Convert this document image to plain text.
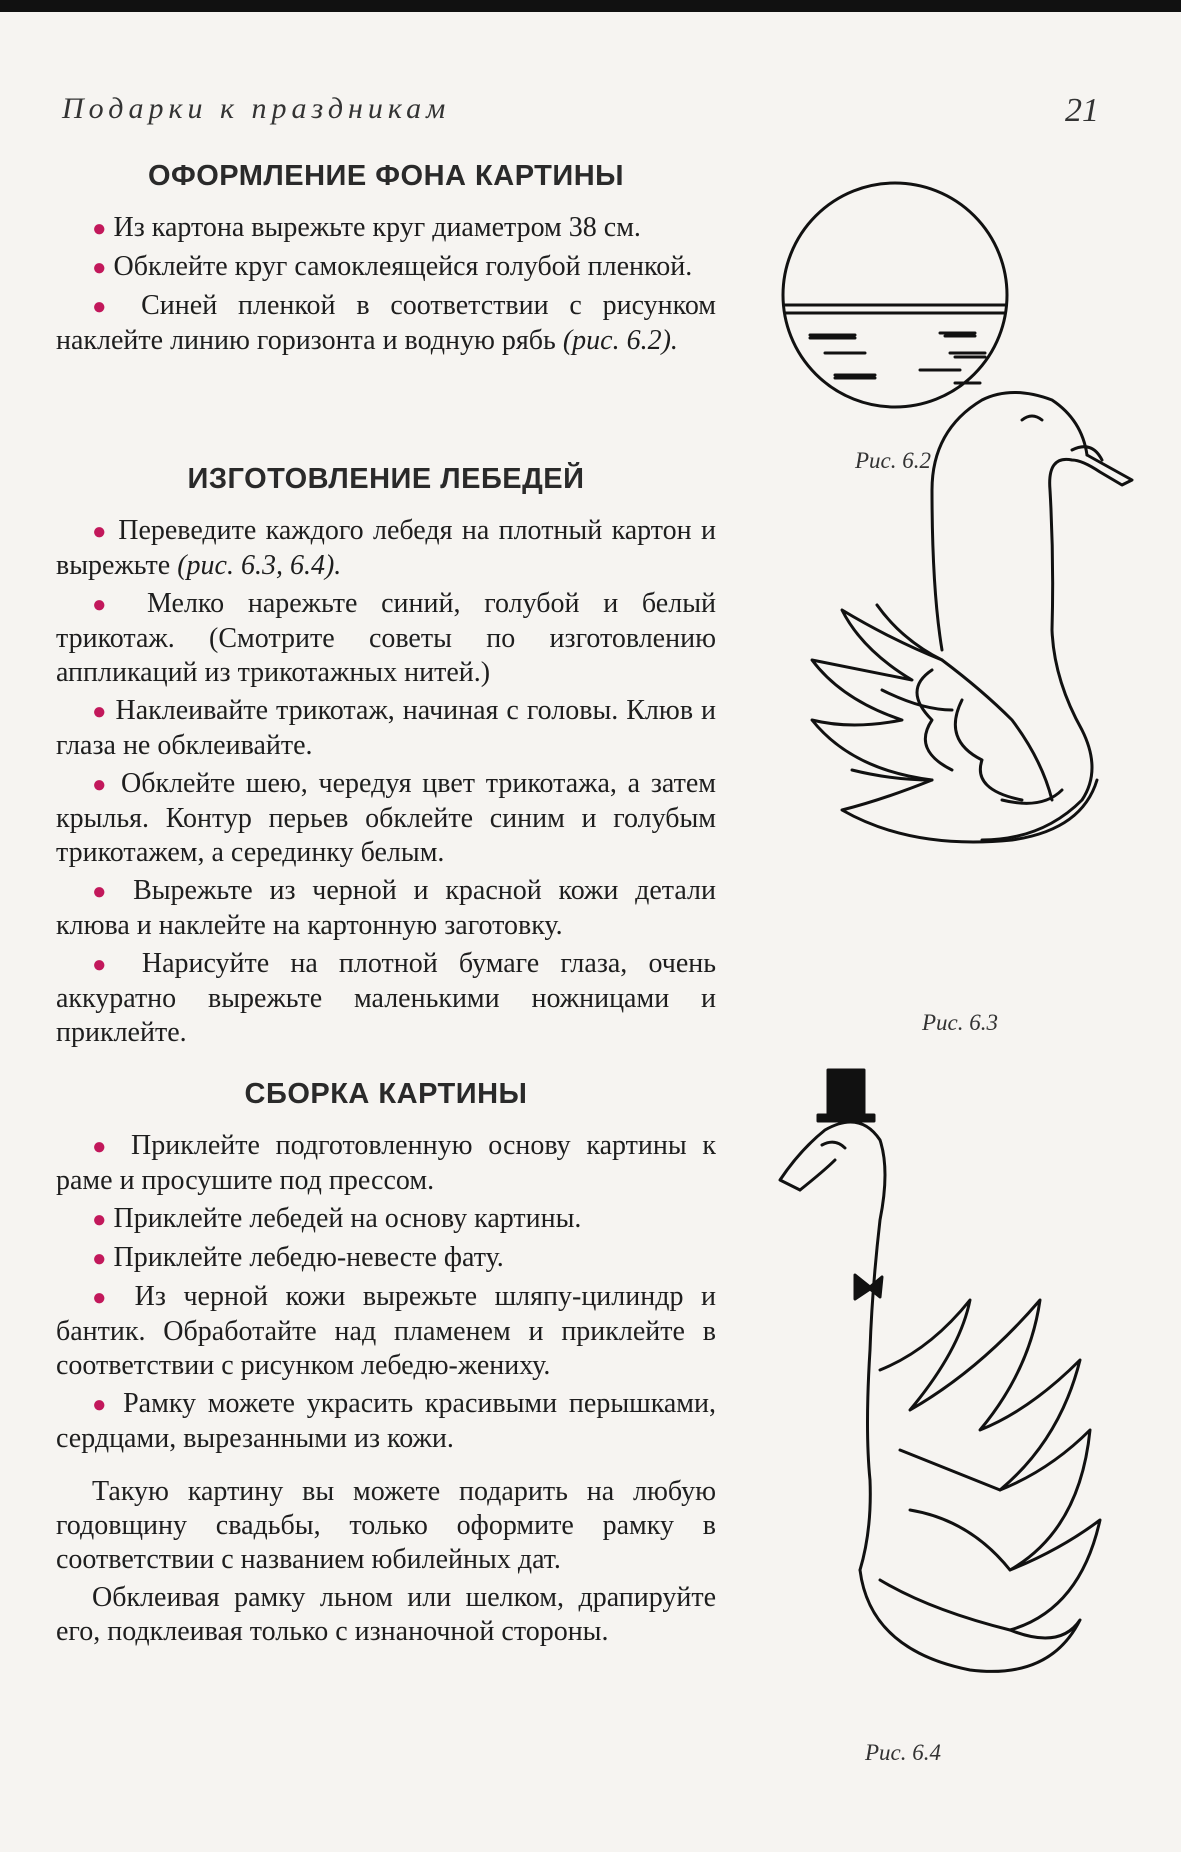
Подарки к праздникам	21
ОФОРМЛЕНИЕ ФОНА КАРТИНЫ

● Из картона вырежьте круг диаметром 38 см.

● Обклейте круг самоклеящейся голубой пленкой.

● Синей пленкой в соответствии с рисунком наклейте линию горизонта и водную рябь (рис. 6.2).

ИЗГОТОВЛЕНИЕ ЛЕБЕДЕЙ

● Переведите каждого лебедя на плотный картон и вырежьте (рис. 6.3, 6.4).

● Мелко нарежьте синий, голубой и белый трикотаж. (Смотрите советы по изготовлению аппликаций из трикотажных нитей.)

● Наклеивайте трикотаж, начиная с головы. Клюв и глаза не обклеивайте.

● Обклейте шею, чередуя цвет трикотажа, а затем крылья. Контур перьев обклейте синим и голубым трикотажем, а серединку белым.

● Вырежьте из черной и красной кожи детали клюва и наклейте на картонную заготовку.

● Нарисуйте на плотной бумаге глаза, очень аккуратно вырежьте маленькими ножницами и приклейте.

СБОРКА КАРТИНЫ

● Приклейте подготовленную основу картины к раме и просушите под прессом.

● Приклейте лебедей на основу картины.

● Приклейте лебедю-невесте фату.

● Из черной кожи вырежьте шляпу-цилиндр и бантик. Обработайте над пламенем и приклейте в соответствии с рисунком лебедю-жениху.

● Рамку можете украсить красивыми перышками, сердцами, вырезанными из кожи.

Такую картину вы можете подарить на любую годовщину свадьбы, только оформите рамку в соответствии с названием юбилейных дат.

Обклеивая рамку льном или шелком, драпируйте его, подклеивая только с изнаночной стороны.

Рис. 6.2
Рис. 6.3
Рис. 6.4
